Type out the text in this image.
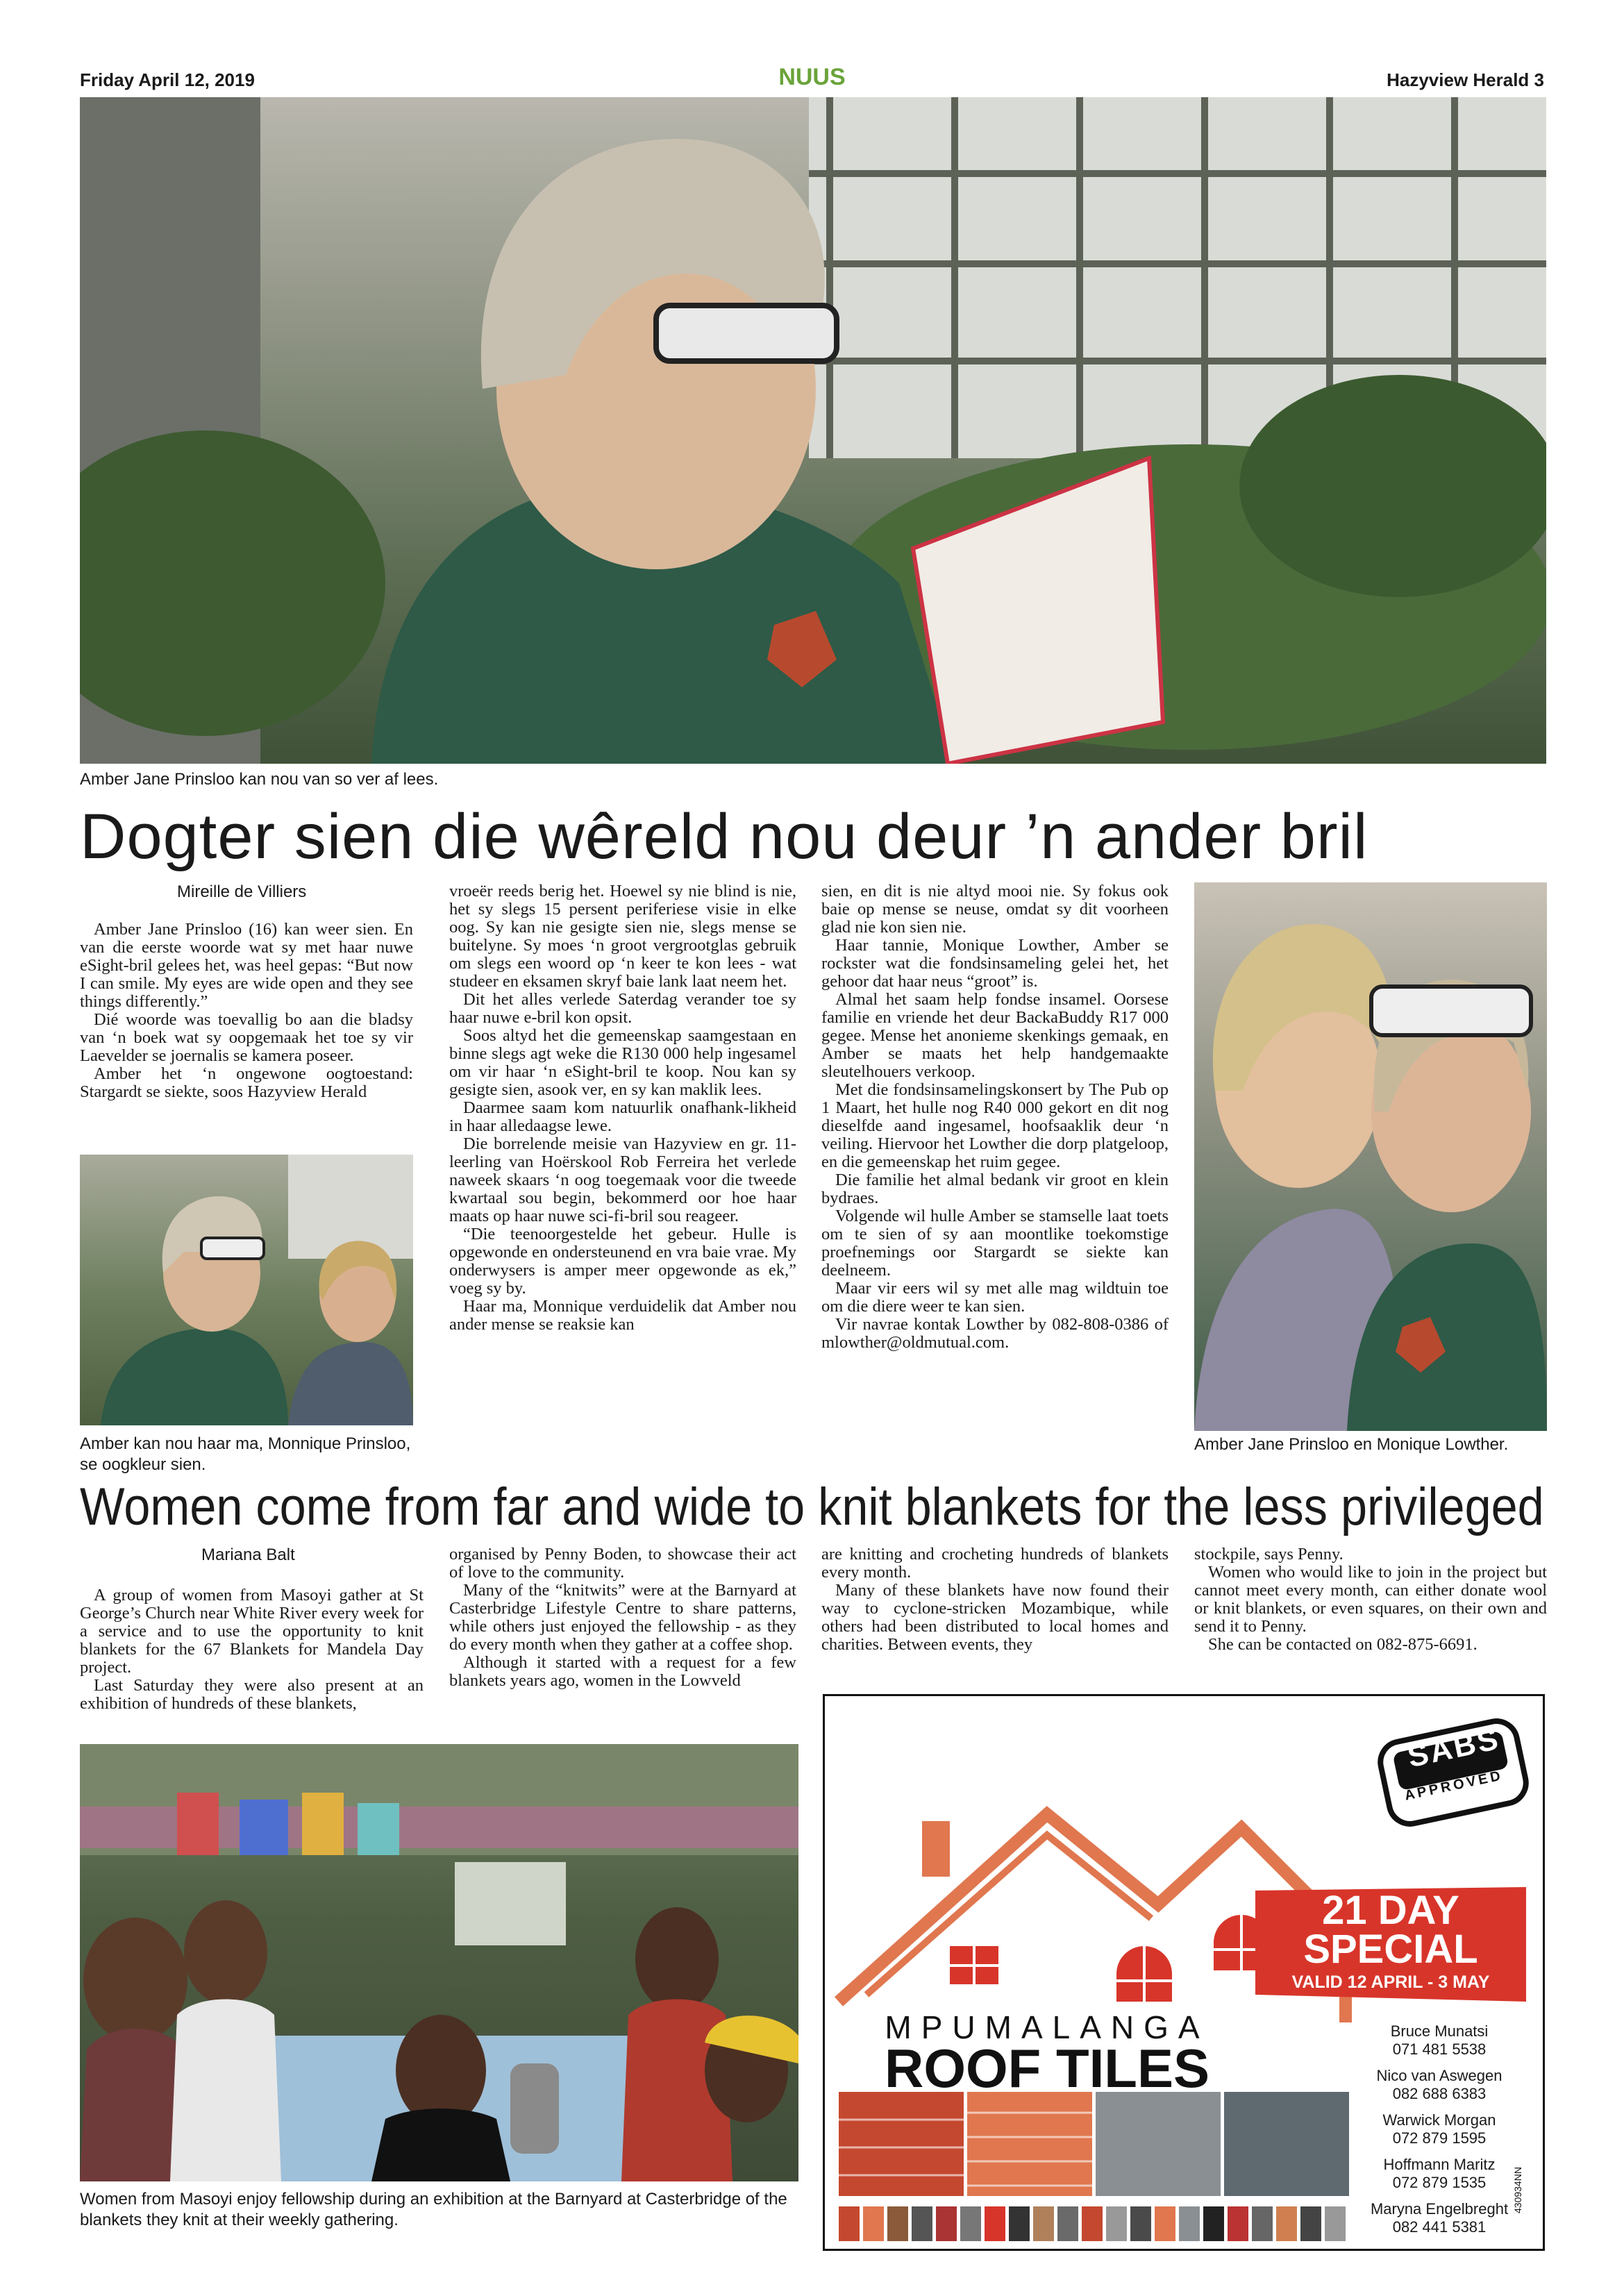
Friday April 12, 2019	NUUS	Hazyview Herald 3
Amber Jane Prinsloo kan nou van so ver af lees.
Dogter sien die wêreld nou deur ’n ander bril
Mireille de Villiers

Amber Jane Prinsloo (16) kan weer sien. En van die eerste woorde wat sy met haar nuwe eSight-bril gelees het, was heel gepas: “But now I can smile. My eyes are wide open and they see things differently.”

Dié woorde was toevallig bo aan die bladsy van ‘n boek wat sy oopgemaak het toe sy vir Laevelder se joernalis se kamera poseer.

Amber het ‘n ongewone oogtoestand: Stargardt se siekte, soos Hazyview Herald

Amber kan nou haar ma, Monnique Prinsloo, se oogkleur sien.

vroeër reeds berig het. Hoewel sy nie blind is nie, het sy slegs 15 persent periferiese visie in elke oog. Sy kan nie gesigte sien nie, slegs mense se buitelyne. Sy moes ‘n groot vergrootglas gebruik om slegs een woord op ‘n keer te kon lees - wat studeer en eksamen skryf baie lank laat neem het.

Dit het alles verlede Saterdag verander toe sy haar nuwe e-bril kon opsit.

Soos altyd het die gemeenskap saamgestaan en binne slegs agt weke die R130 000 help ingesamel om vir haar ‘n eSight-bril te koop. Nou kan sy gesigte sien, asook ver, en sy kan maklik lees.

Daarmee saam kom natuurlik onafhank-likheid in haar alledaagse lewe.

Die borrelende meisie van Hazyview en gr. 11-leerling van Hoërskool Rob Ferreira het verlede naweek skaars ‘n oog toegemaak voor die tweede kwartaal sou begin, bekommerd oor hoe haar maats op haar nuwe sci-fi-bril sou reageer.

“Die teenoorgestelde het gebeur. Hulle is opgewonde en ondersteunend en vra baie vrae. My onderwysers is amper meer opgewonde as ek,” voeg sy by.

Haar ma, Monnique verduidelik dat Amber nou ander mense se reaksie kan

sien, en dit is nie altyd mooi nie. Sy fokus ook baie op mense se neuse, omdat sy dit voorheen glad nie kon sien nie.

Haar tannie, Monique Lowther, Amber se rockster wat die fondsinsameling gelei het, het gehoor dat haar neus “groot” is.

Almal het saam help fondse insamel. Oorsese familie en vriende het deur BackaBuddy R17 000 gegee. Mense het anonieme skenkings gemaak, en Amber se maats het help handgemaakte sleutelhouers verkoop.

Met die fondsinsamelingskonsert by The Pub op 1 Maart, het hulle nog R40 000 gekort en dit nog dieselfde aand ingesamel, hoofsaaklik deur ‘n veiling. Hiervoor het Lowther die dorp platgeloop, en die gemeenskap het ruim gegee.

Die familie het almal bedank vir groot en klein bydraes.

Volgende wil hulle Amber se stamselle laat toets om te sien of sy aan moontlike toekomstige proefnemings oor Stargardt se siekte kan deelneem.

Maar vir eers wil sy met alle mag wildtuin toe om die diere weer te kan sien.

Vir navrae kontak Lowther by 082-808-0386 of mlowther@oldmutual.com.

Amber Jane Prinsloo en Monique Lowther.
Women come from far and wide to knit blankets for the less privileged
Mariana Balt

A group of women from Masoyi gather at St George’s Church near White River every week for a service and to use the opportunity to knit blankets for the 67 Blankets for Mandela Day project.

Last Saturday they were also present at an exhibition of hundreds of these blankets,

organised by Penny Boden, to showcase their act of love to the community.

Many of the “knitwits” were at the Barnyard at Casterbridge Lifestyle Centre to share patterns, while others just enjoyed the fellowship - as they do every month when they gather at a coffee shop.

Although it started with a request for a few blankets years ago, women in the Lowveld

are knitting and crocheting hundreds of blankets every month.

Many of these blankets have now found their way to cyclone-stricken Mozambique, while others had been distributed to local homes and charities. Between events, they

stockpile, says Penny.

Women who would like to join in the project but cannot meet every month, can either donate wool or knit blankets, or even squares, on their own and send it to Penny.

She can be contacted on 082-875-6691.

Women from Masoyi enjoy fellowship during an exhibition at the Barnyard at Casterbridge of the blankets they knit at their weekly gathering.
SABS
APPROVED
21 DAY
SPECIAL
VALID 12 APRIL - 3 MAY
MPUMALANGA
ROOF TILES
Bruce Munatsi
071 481 5538
Nico van Aswegen
082 688 6383
Warwick Morgan
072 879 1595
Hoffmann Maritz
072 879 1535
Maryna Engelbreght
082 441 5381
430934NN
